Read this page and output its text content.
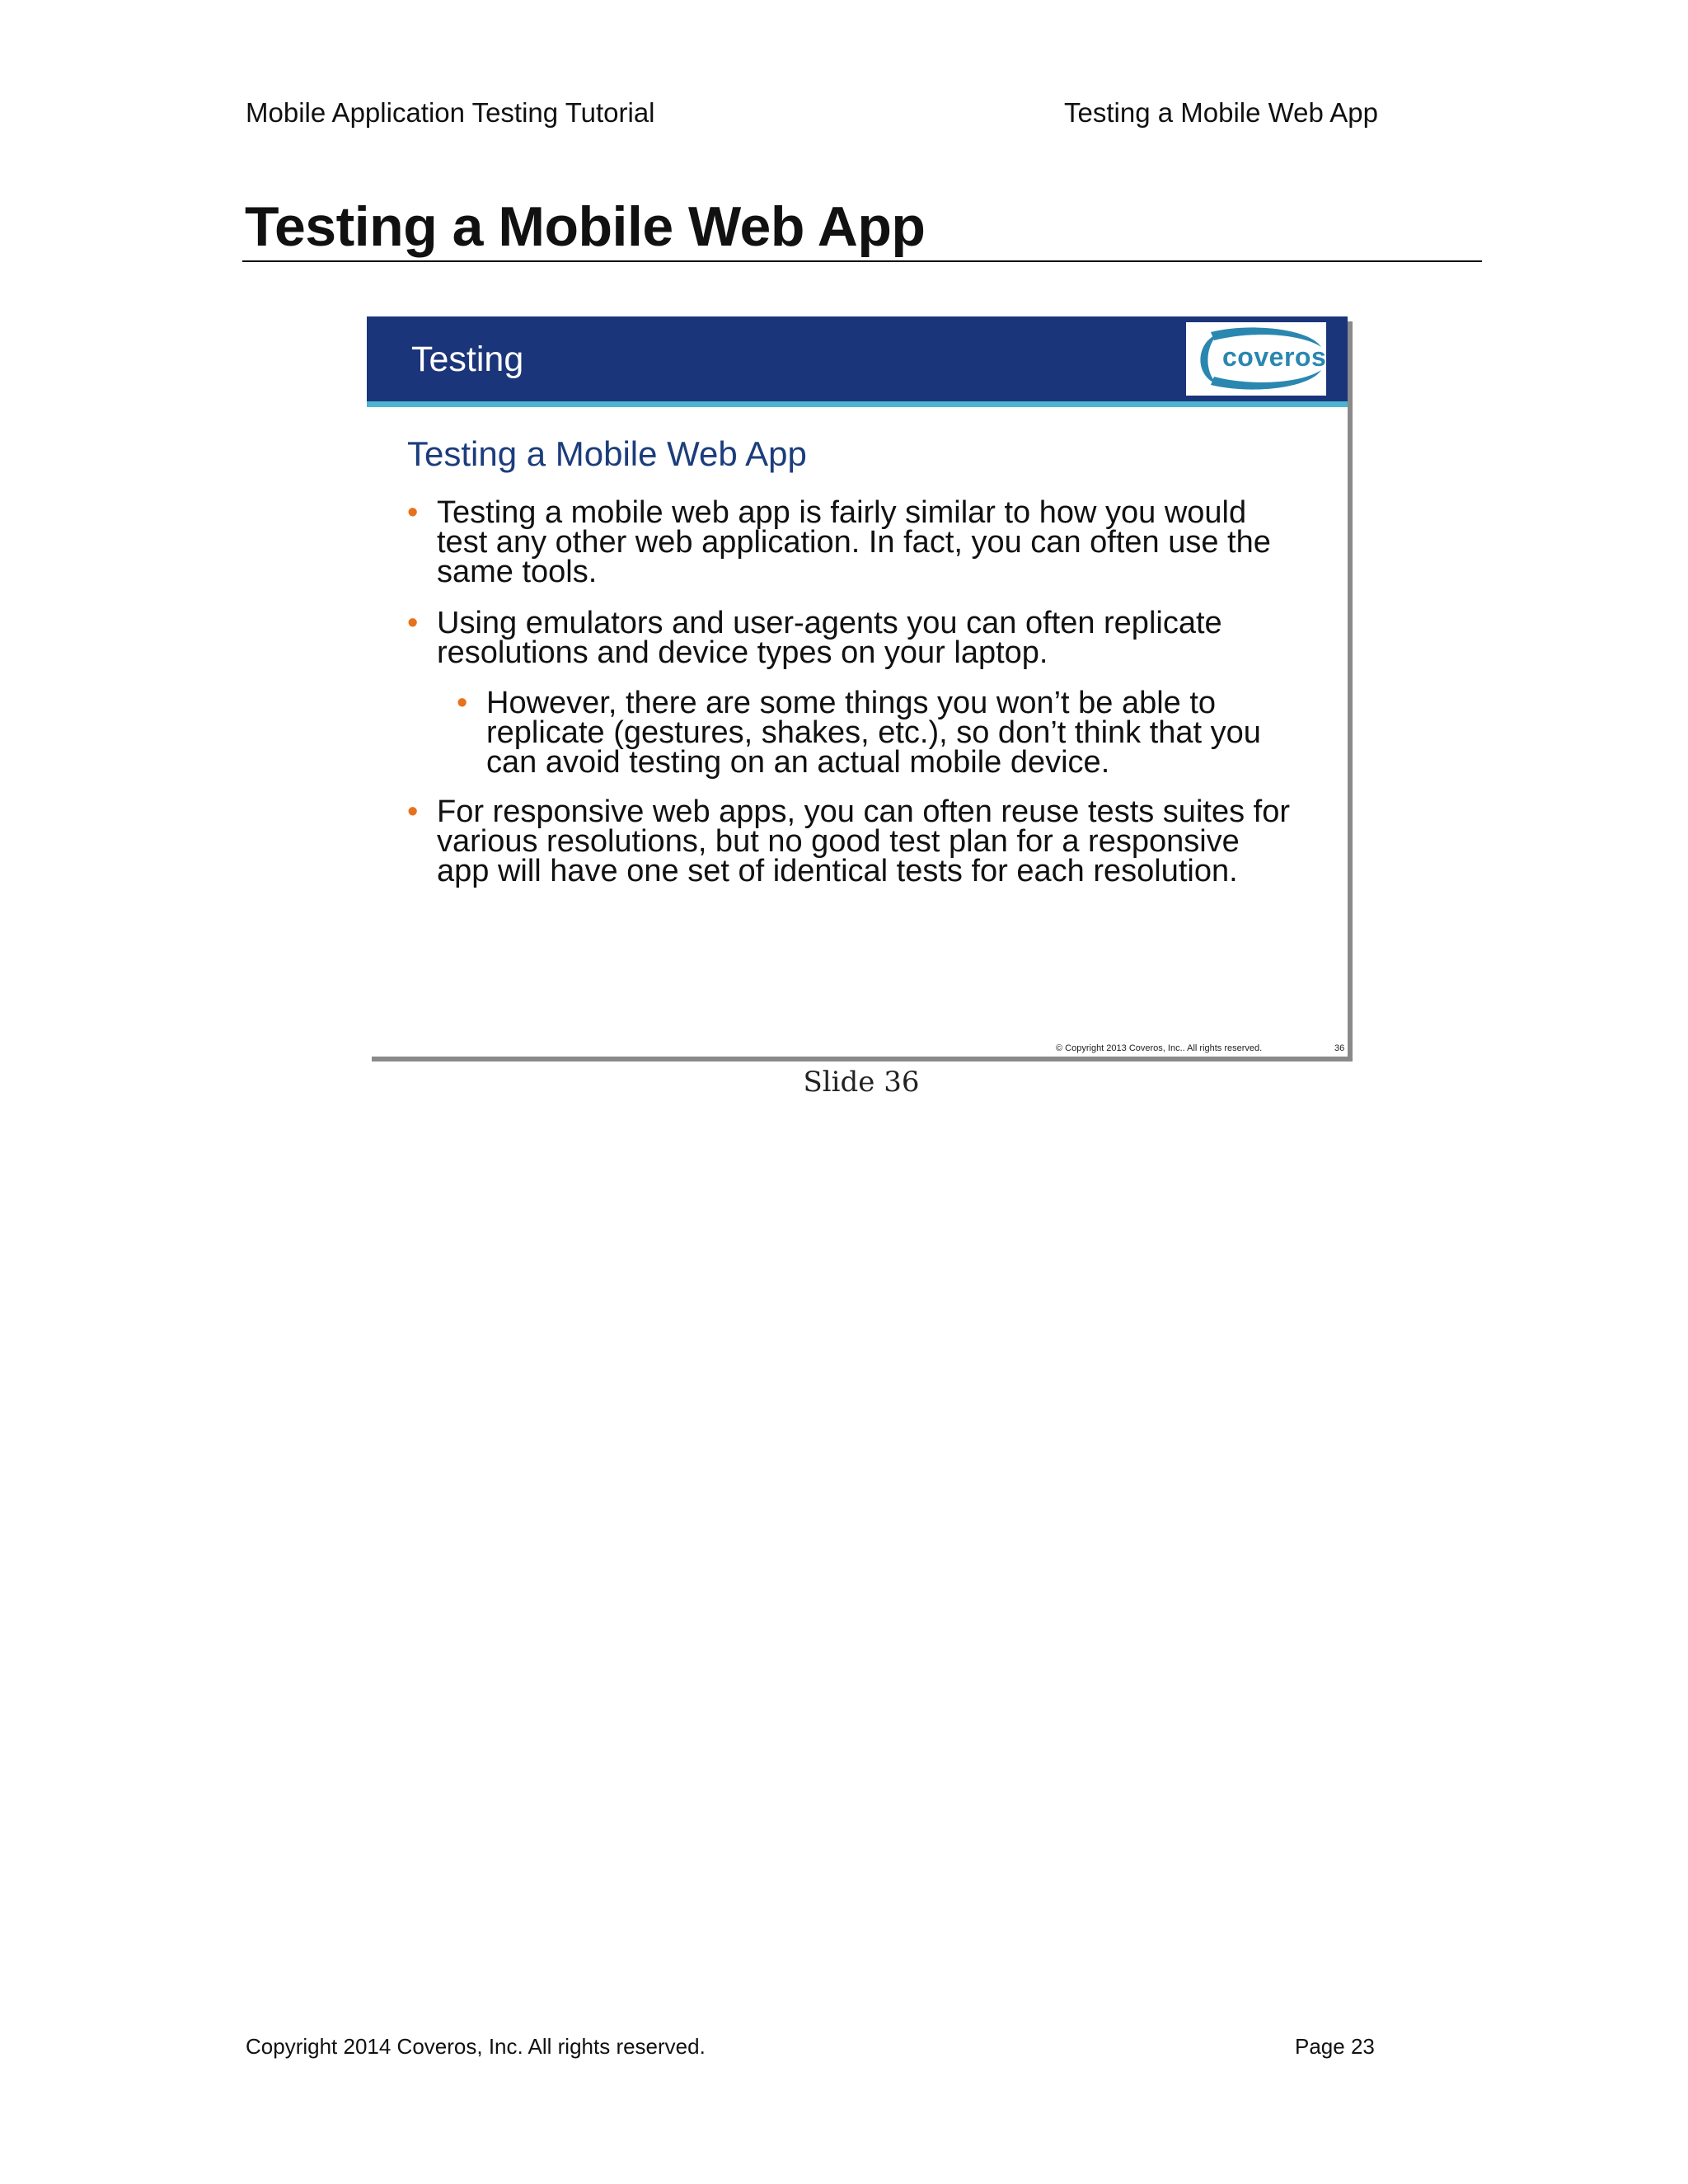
Mobile Application Testing Tutorial	Testing a Mobile Web App
Testing a Mobile Web App
Testing	coveros
Testing a Mobile Web App
• Testing a mobile web app is fairly similar to how you would test any other web application. In fact, you can often use the same tools.
• Using emulators and user-agents you can often replicate resolutions and device types on your laptop.
• However, there are some things you won’t be able to replicate (gestures, shakes, etc.), so don’t think that you can avoid testing on an actual mobile device.
• For responsive web apps, you can often reuse tests suites for various resolutions, but no good test plan for a responsive app will have one set of identical tests for each resolution.
© Copyright 2013 Coveros, Inc.. All rights reserved.	36
Slide 36
Copyright 2014 Coveros, Inc. All rights reserved.	Page 23
